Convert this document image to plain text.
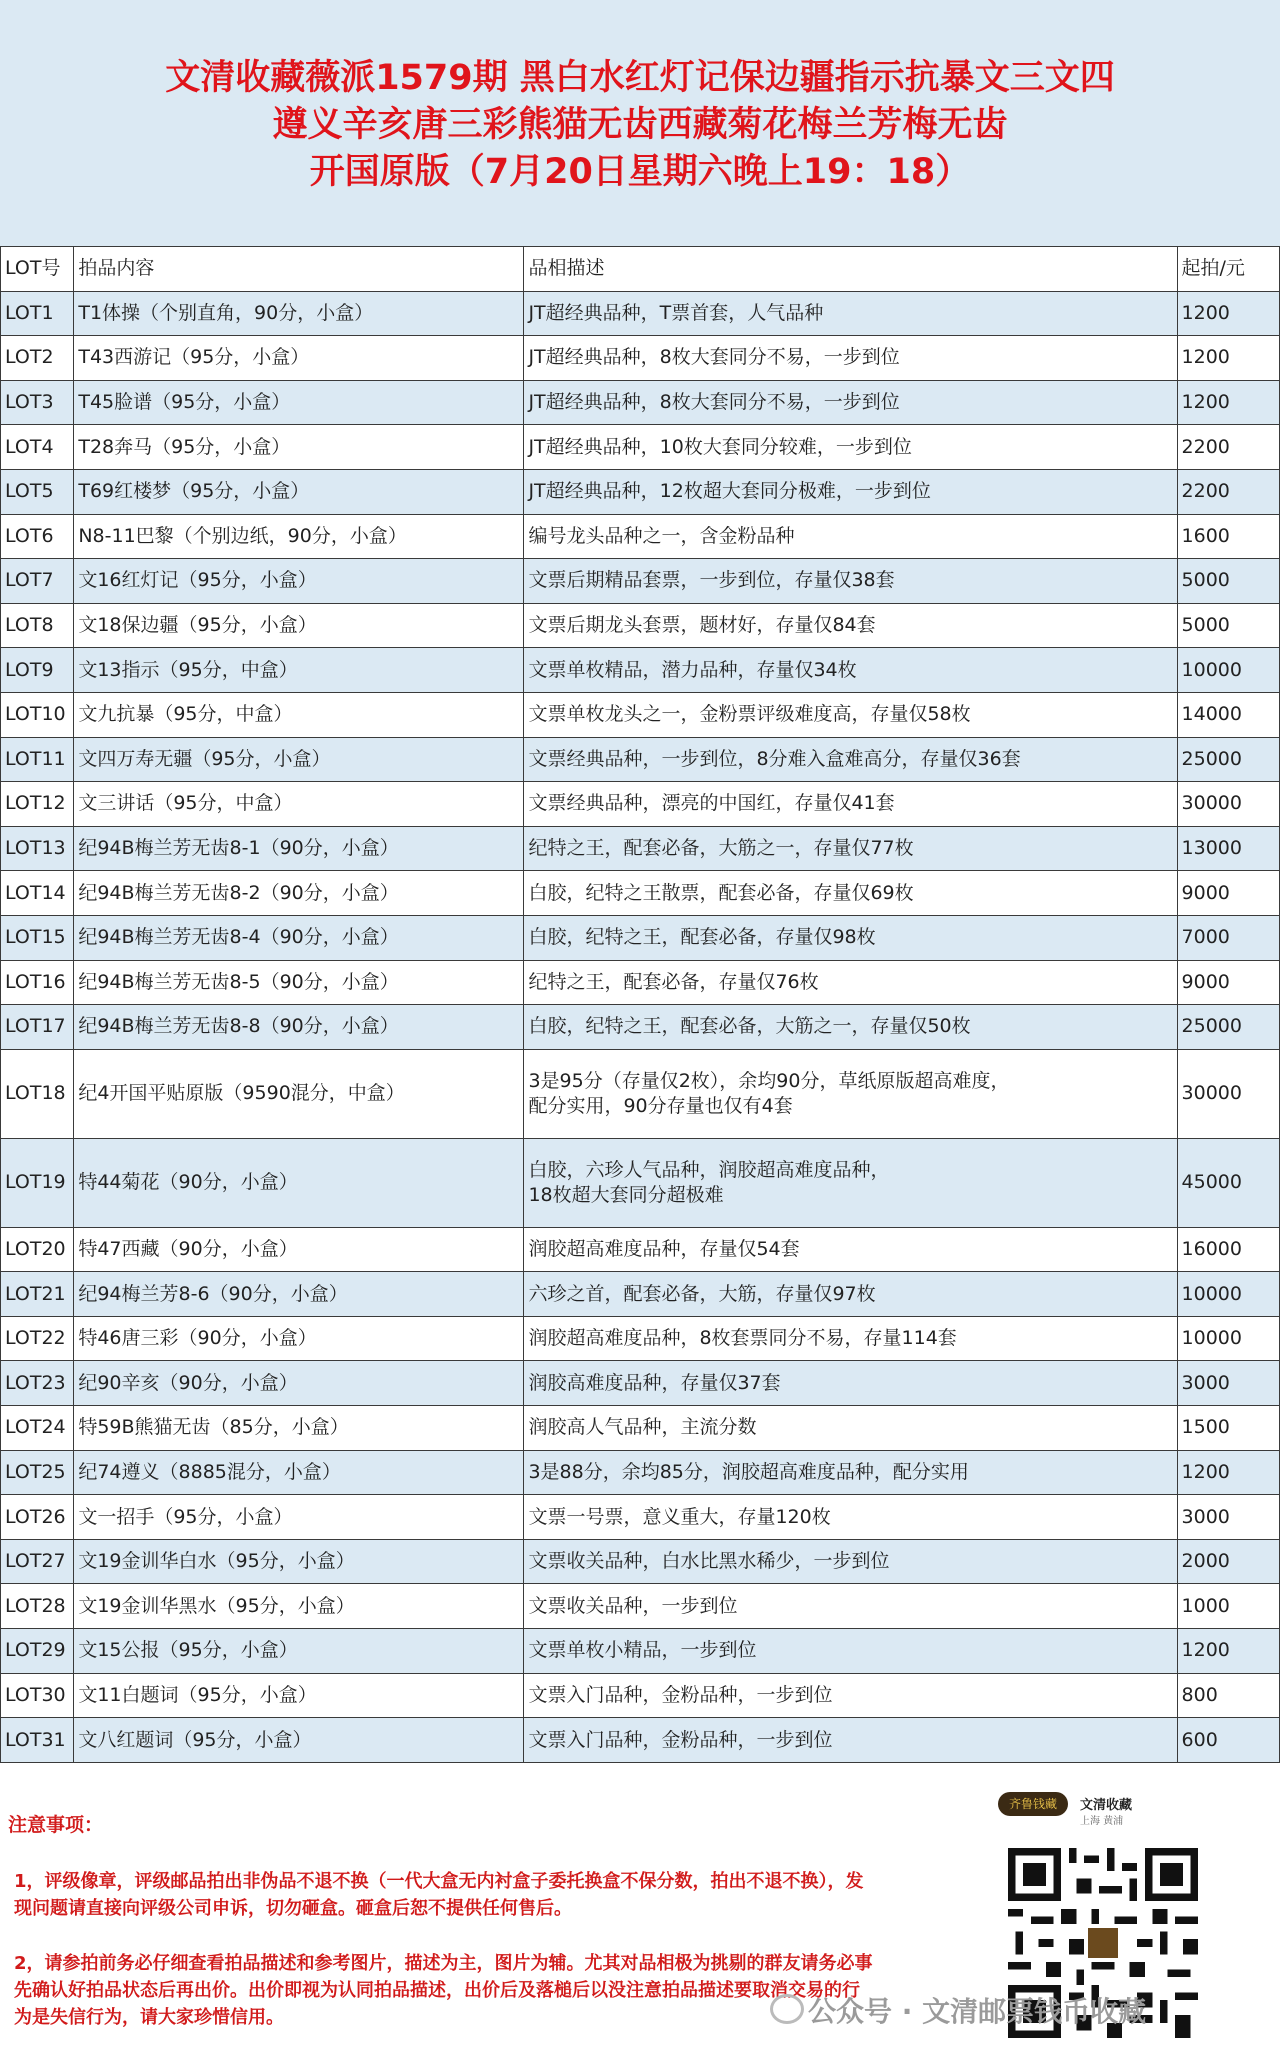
文清收藏薇派1579期 黑白水红灯记保边疆指示抗暴文三文四
遵义辛亥唐三彩熊猫无齿西藏菊花梅兰芳梅无齿
开国原版（7月20日星期六晚上19：18）
LOT号	拍品内容	品相描述	起拍/元
LOT1	T1体操（个别直角，90分，小盒）	JT超经典品种，T票首套，人气品种	1200
LOT2	T43西游记（95分，小盒）	JT超经典品种，8枚大套同分不易，一步到位	1200
LOT3	T45脸谱（95分，小盒）	JT超经典品种，8枚大套同分不易，一步到位	1200
LOT4	T28奔马（95分，小盒）	JT超经典品种，10枚大套同分较难，一步到位	2200
LOT5	T69红楼梦（95分，小盒）	JT超经典品种，12枚超大套同分极难，一步到位	2200
LOT6	N8-11巴黎（个别边纸，90分，小盒）	编号龙头品种之一，含金粉品种	1600
LOT7	文16红灯记（95分，小盒）	文票后期精品套票，一步到位，存量仅38套	5000
LOT8	文18保边疆（95分，小盒）	文票后期龙头套票，题材好，存量仅84套	5000
LOT9	文13指示（95分，中盒）	文票单枚精品，潜力品种，存量仅34枚	10000
LOT10	文九抗暴（95分，中盒）	文票单枚龙头之一，金粉票评级难度高，存量仅58枚	14000
LOT11	文四万寿无疆（95分，小盒）	文票经典品种，一步到位，8分难入盒难高分，存量仅36套	25000
LOT12	文三讲话（95分，中盒）	文票经典品种，漂亮的中国红，存量仅41套	30000
LOT13	纪94B梅兰芳无齿8-1（90分，小盒）	纪特之王，配套必备，大筋之一，存量仅77枚	13000
LOT14	纪94B梅兰芳无齿8-2（90分，小盒）	白胶，纪特之王散票，配套必备，存量仅69枚	9000
LOT15	纪94B梅兰芳无齿8-4（90分，小盒）	白胶，纪特之王，配套必备，存量仅98枚	7000
LOT16	纪94B梅兰芳无齿8-5（90分，小盒）	纪特之王，配套必备，存量仅76枚	9000
LOT17	纪94B梅兰芳无齿8-8（90分，小盒）	白胶，纪特之王，配套必备，大筋之一，存量仅50枚	25000
LOT18	纪4开国平贴原版（9590混分，中盒）	3是95分（存量仅2枚），余均90分，草纸原版超高难度，
配分实用，90分存量也仅有4套	30000
LOT19	特44菊花（90分，小盒）	白胶，六珍人气品种，润胶超高难度品种，
18枚超大套同分超极难	45000
LOT20	特47西藏（90分，小盒）	润胶超高难度品种，存量仅54套	16000
LOT21	纪94梅兰芳8-6（90分，小盒）	六珍之首，配套必备，大筋，存量仅97枚	10000
LOT22	特46唐三彩（90分，小盒）	润胶超高难度品种，8枚套票同分不易，存量114套	10000
LOT23	纪90辛亥（90分，小盒）	润胶高难度品种，存量仅37套	3000
LOT24	特59B熊猫无齿（85分，小盒）	润胶高人气品种，主流分数	1500
LOT25	纪74遵义（8885混分，小盒）	3是88分，余均85分，润胶超高难度品种，配分实用	1200
LOT26	文一招手（95分，小盒）	文票一号票，意义重大，存量120枚	3000
LOT27	文19金训华白水（95分，小盒）	文票收关品种，白水比黑水稀少，一步到位	2000
LOT28	文19金训华黑水（95分，小盒）	文票收关品种，一步到位	1000
LOT29	文15公报（95分，小盒）	文票单枚小精品，一步到位	1200
LOT30	文11白题词（95分，小盒）	文票入门品种，金粉品种，一步到位	800
LOT31	文八红题词（95分，小盒）	文票入门品种，金粉品种，一步到位	600
注意事项：
1，评级像章，评级邮品拍出非伪品不退不换（一代大盒无内衬盒子委托换盒不保分数，拍出不退不换），发现问题请直接向评级公司申诉，切勿砸盒。砸盒后恕不提供任何售后。
2，请参拍前务必仔细查看拍品描述和参考图片，描述为主，图片为辅。尤其对品相极为挑剔的群友请务必事先确认好拍品状态后再出价。出价即视为认同拍品描述，出价后及落槌后以没注意拍品描述要取消交易的行为是失信行为，请大家珍惜信用。
齐鲁钱藏	文清收藏
上海 黄浦
公众号 · 文清邮票钱币收藏
